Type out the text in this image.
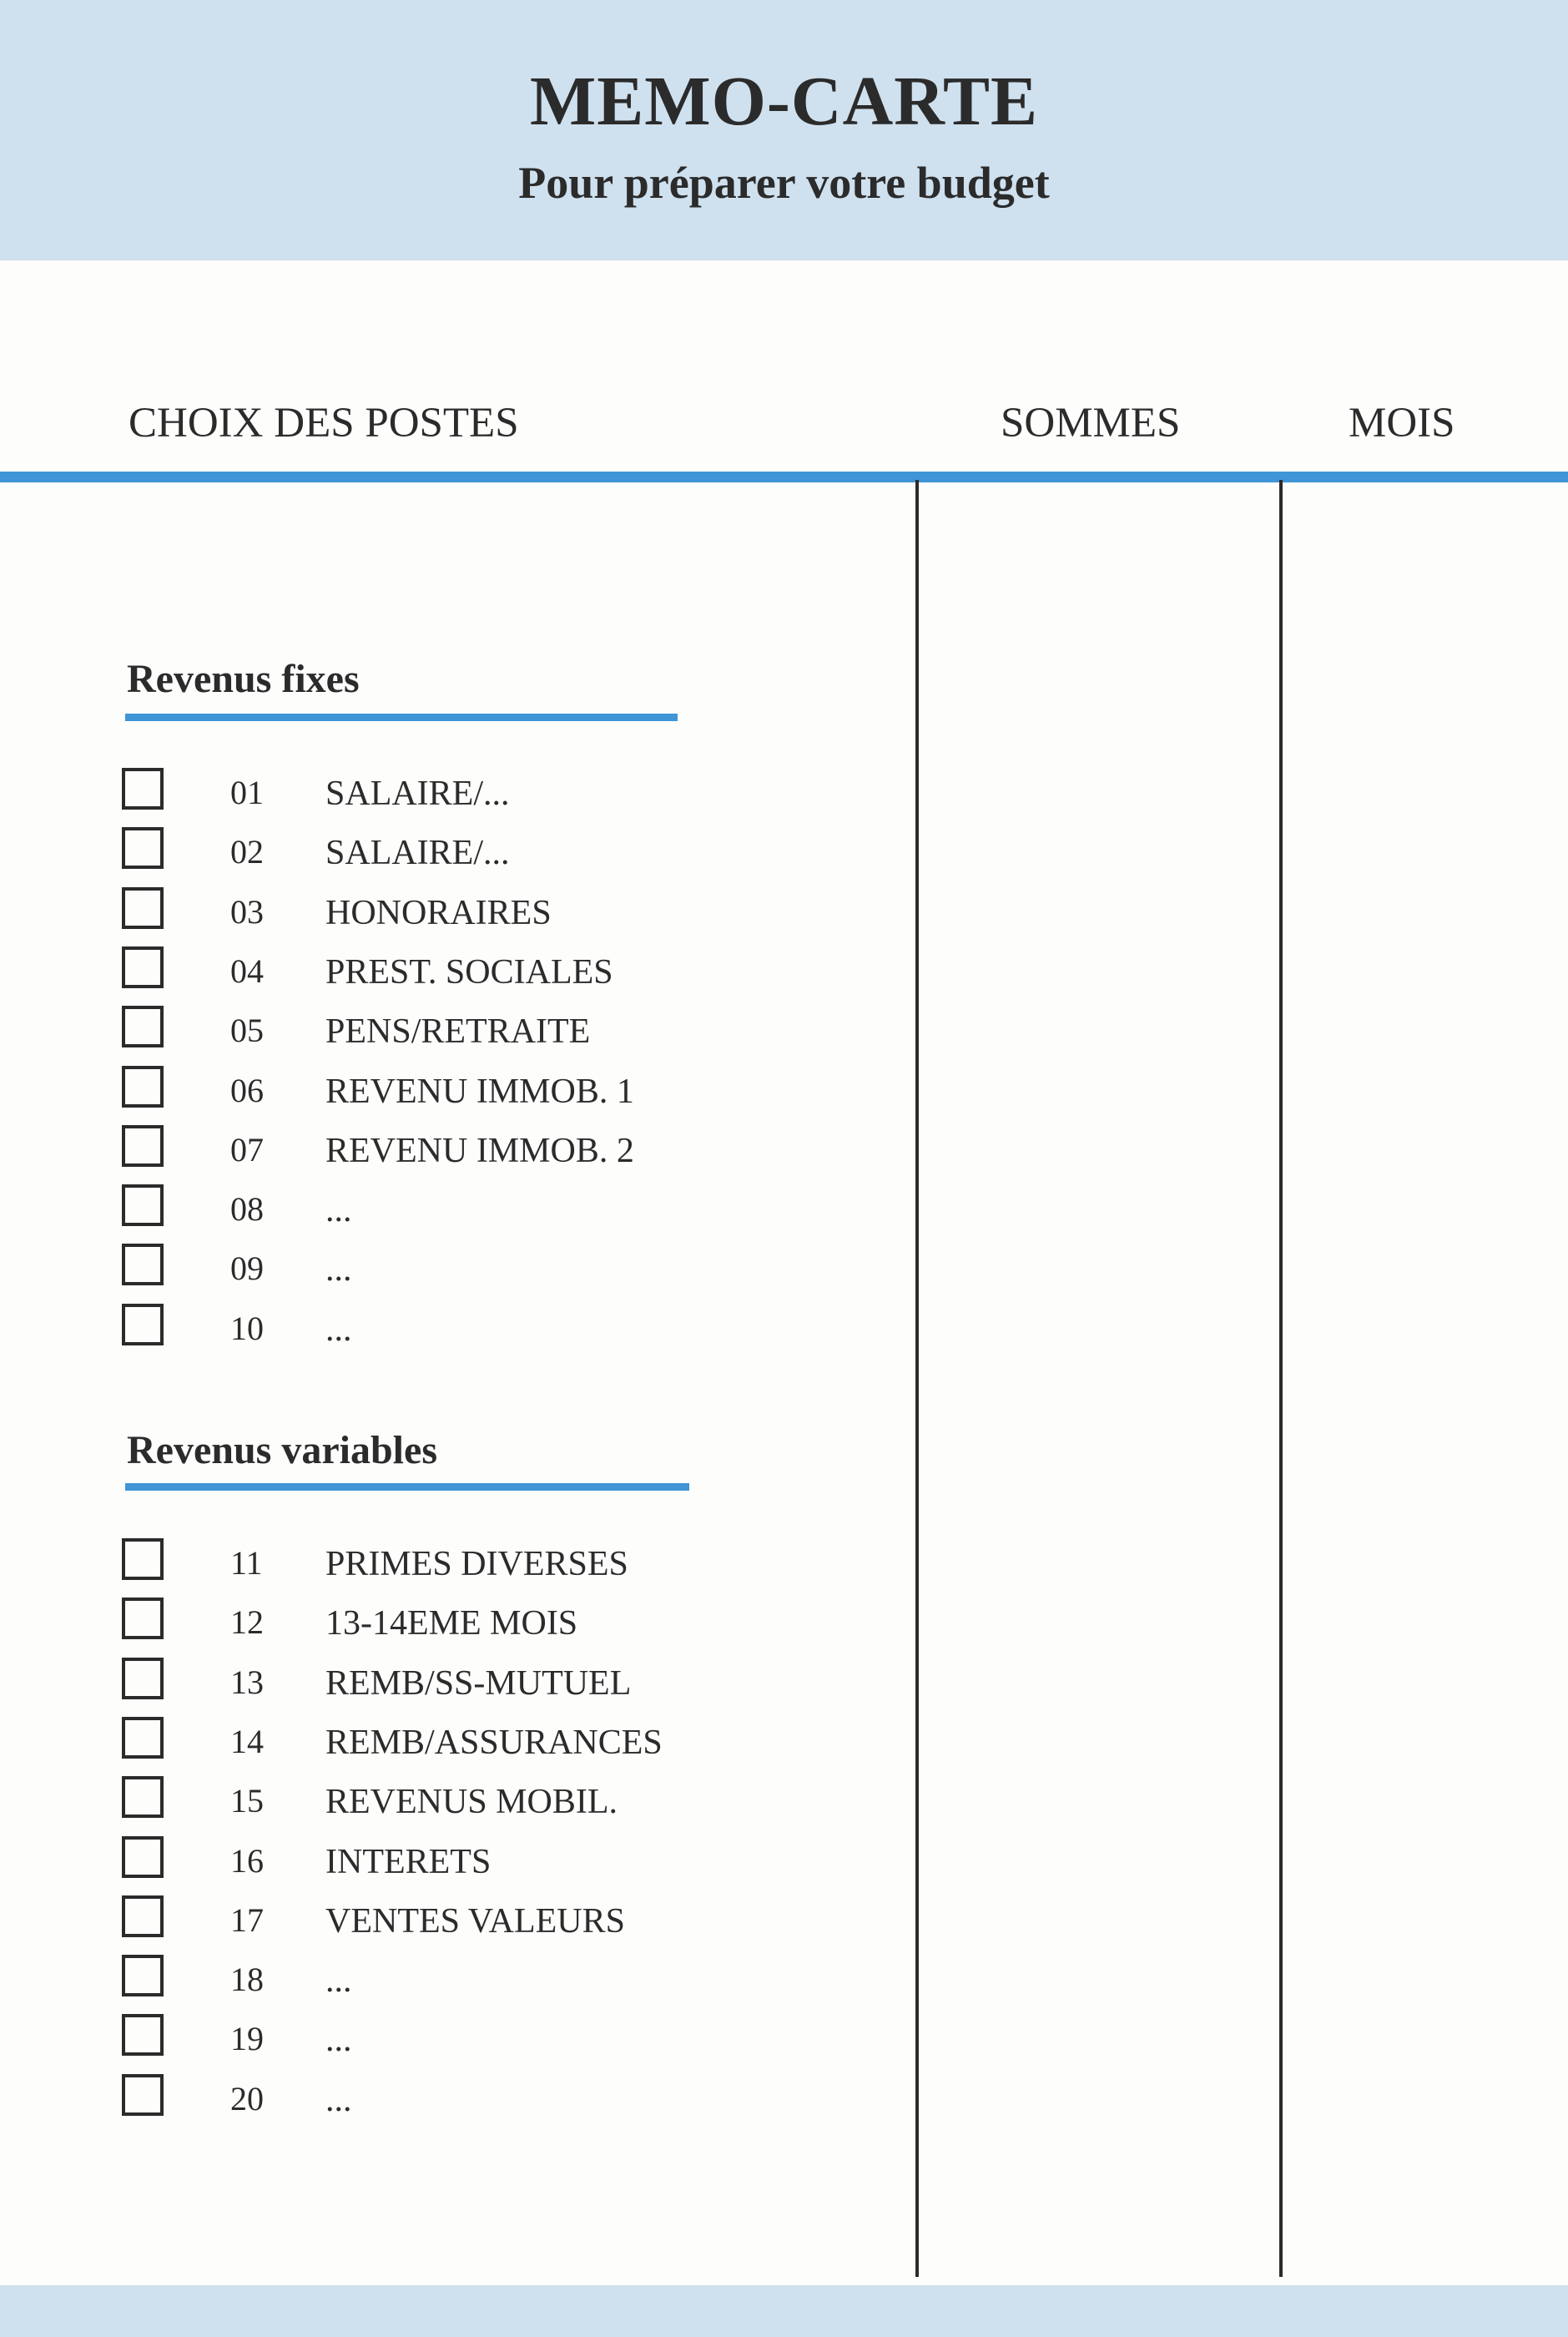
MEMO-CARTE
Pour préparer votre budget
CHOIX DES POSTES	SOMMES	MOIS
Revenus fixes
01 SALAIRE/...
02 SALAIRE/...
03 HONORAIRES
04 PREST. SOCIALES
05 PENS/RETRAITE
06 REVENU IMMOB. 1
07 REVENU IMMOB. 2
08 ...
09 ...
10 ...
Revenus variables
11 PRIMES DIVERSES
12 13-14EME MOIS
13 REMB/SS-MUTUEL
14 REMB/ASSURANCES
15 REVENUS MOBIL.
16 INTERETS
17 VENTES VALEURS
18 ...
19 ...
20 ...
